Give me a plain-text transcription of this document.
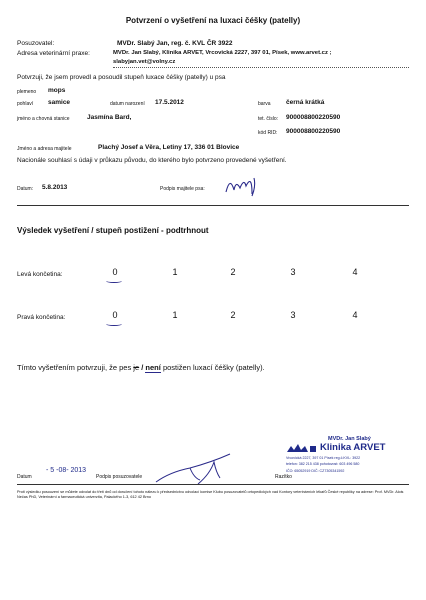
Potvrzení o vyšetření na luxaci čéšky (patelly)
Posuzovatel:	MVDr. Slabý Jan, reg. č. KVL ČR 3922
Adresa veterinární praxe:	MVDr. Jan Slabý, Klinika ARVET, Vrcovická 2227, 397 01, Písek, www.arvet.cz ;
slabyjan.vet@volny.cz
Potvrzuji, že jsem provedl a posoudil stupeň luxace čéšky (patelly) u psa
plemeno mops
pohlaví samice	datum narození 17.5.2012	barva černá krátká
jméno a chovná stanice	Jasmína Bard,	tet. číslo: 900008800220590
kód RID: 900008800220590
Jméno a adresa majitele	Plachý Josef a Věra, Letiny 17, 336 01 Blovice
Nacionále souhlasí s údaji v průkazu původu, do kterého bylo potvrzeno provedené vyšetření.
Datum: 5.8.2013	Podpis majitele psa:
Výsledek vyšetření / stupeň postižení - podtrhnout
Levá končetina:	0	1	2	3	4
Pravá končetina:	0	1	2	3	4
Tímto vyšetřením potvrzuji, že pes je / není postižen luxací čéšky (patelly).
MVDr. Jan Slabý
Klinika ARVET
Vrcovická 2227, 397 01 Písek reg.č.KVL: 3922
telefon: 382 215 438 pohotovost: 603 496 580
IČO: 65052919 DIČ: CZ7305341592
Datum
- 5 -08- 2013
Podpis posuzovatele	Razítko
Proti výsledku posouzení se můžete odvolat do třetí dnů od doručení tohoto nálezu k předsednictvu odvolací komise Klubu posuzovatelů ortopedických vad Kontory veterinárních lékařů České republiky na adrese: Prof. MVDr. Alois Nečas PhD, Veterinární a farmaceutická univerzita, Palackého 1-3, 612 42 Brno
